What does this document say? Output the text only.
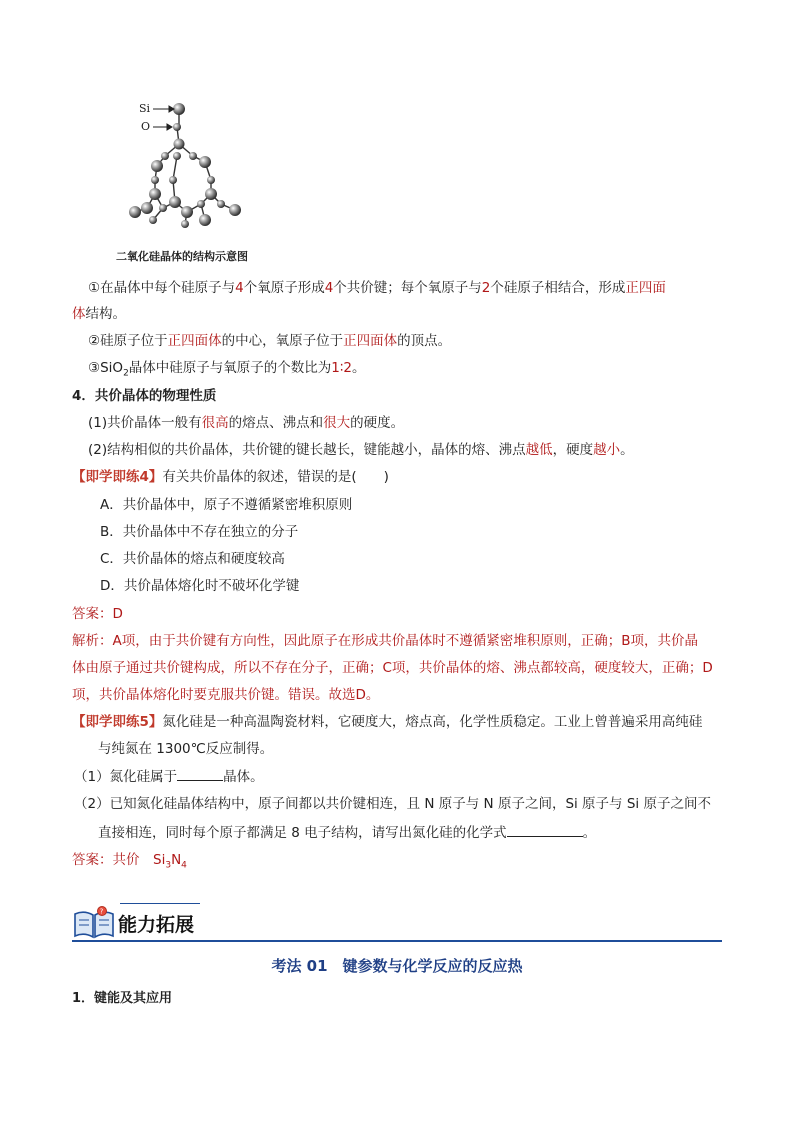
Si
O
二氧化硅晶体的结构示意图
①在晶体中每个硅原子与4个氧原子形成4个共价键；每个氧原子与2个硅原子相结合，形成正四面
体结构。
②硅原子位于正四面体的中心，氧原子位于正四面体的顶点。
③SiO$_2$晶体中硅原子与氧原子的个数比为1∶2。
4．共价晶体的物理性质
(1)共价晶体一般有很高的熔点、沸点和很大的硬度。
(2)结构相似的共价晶体，共价键的键长越长，键能越小，晶体的熔、沸点越低，硬度越小。
【即学即练4】有关共价晶体的叙述，错误的是(　　)
A．共价晶体中，原子不遵循紧密堆积原则
B．共价晶体中不存在独立的分子
C．共价晶体的熔点和硬度较高
D．共价晶体熔化时不破坏化学键
答案：D
解析：A项，由于共价键有方向性，因此原子在形成共价晶体时不遵循紧密堆积原则，正确；B项，共价晶
体由原子通过共价键构成，所以不存在分子，正确；C项，共价晶体的熔、沸点都较高，硬度较大，正确；D
项，共价晶体熔化时要克服共价键。错误。故选D。
【即学即练5】氮化硅是一种高温陶瓷材料，它硬度大，熔点高，化学性质稳定。工业上曾普遍采用高纯硅
与纯氮在 1300℃反应制得。
（1）氮化硅属于	晶体。
（2）已知氮化硅晶体结构中，原子间都以共价键相连，且 N 原子与 N 原子之间，Si 原子与 Si 原子之间不
直接相连，同时每个原子都满足 8 电子结构，请写出氮化硅的化学式	。
答案：共价　$Si_3N_4$
?
能力拓展
考法 01　键参数与化学反应的反应热
1．键能及其应用
